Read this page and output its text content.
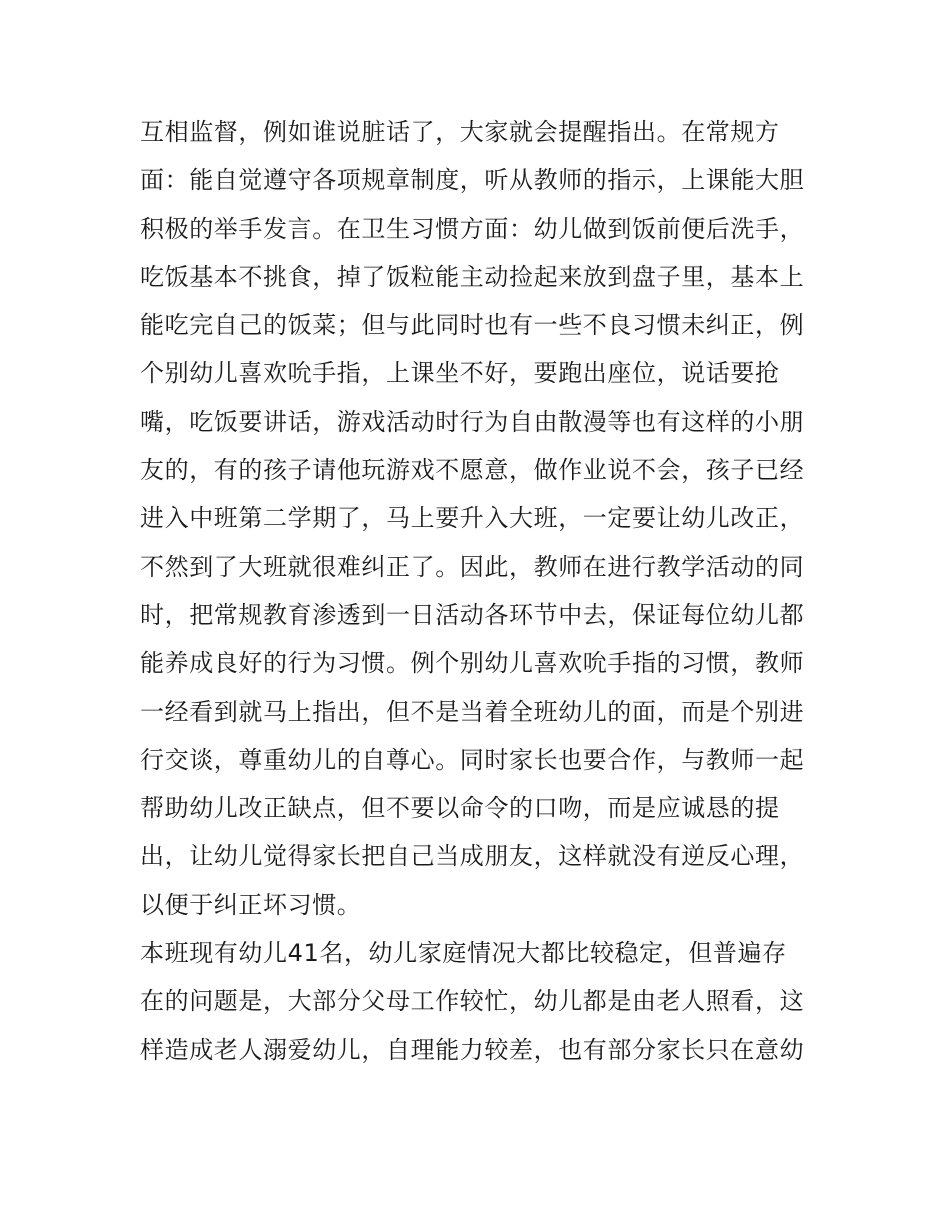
互相监督，例如谁说脏话了，大家就会提醒指出。在常规方
面：能自觉遵守各项规章制度，听从教师的指示，上课能大胆
积极的举手发言。在卫生习惯方面：幼儿做到饭前便后洗手，
吃饭基本不挑食，掉了饭粒能主动捡起来放到盘子里，基本上
能吃完自己的饭菜；但与此同时也有一些不良习惯未纠正，例
个别幼儿喜欢吮手指，上课坐不好，要跑出座位，说话要抢
嘴，吃饭要讲话，游戏活动时行为自由散漫等也有这样的小朋
友的，有的孩子请他玩游戏不愿意，做作业说不会，孩子已经
进入中班第二学期了，马上要升入大班，一定要让幼儿改正，
不然到了大班就很难纠正了。因此，教师在进行教学活动的同
时，把常规教育渗透到一日活动各环节中去，保证每位幼儿都
能养成良好的行为习惯。例个别幼儿喜欢吮手指的习惯，教师
一经看到就马上指出，但不是当着全班幼儿的面，而是个别进
行交谈，尊重幼儿的自尊心。同时家长也要合作，与教师一起
帮助幼儿改正缺点，但不要以命令的口吻，而是应诚恳的提
出，让幼儿觉得家长把自己当成朋友，这样就没有逆反心理，
以便于纠正坏习惯。
本班现有幼儿41名，幼儿家庭情况大都比较稳定，但普遍存
在的问题是，大部分父母工作较忙，幼儿都是由老人照看，这
样造成老人溺爱幼儿，自理能力较差，也有部分家长只在意幼
